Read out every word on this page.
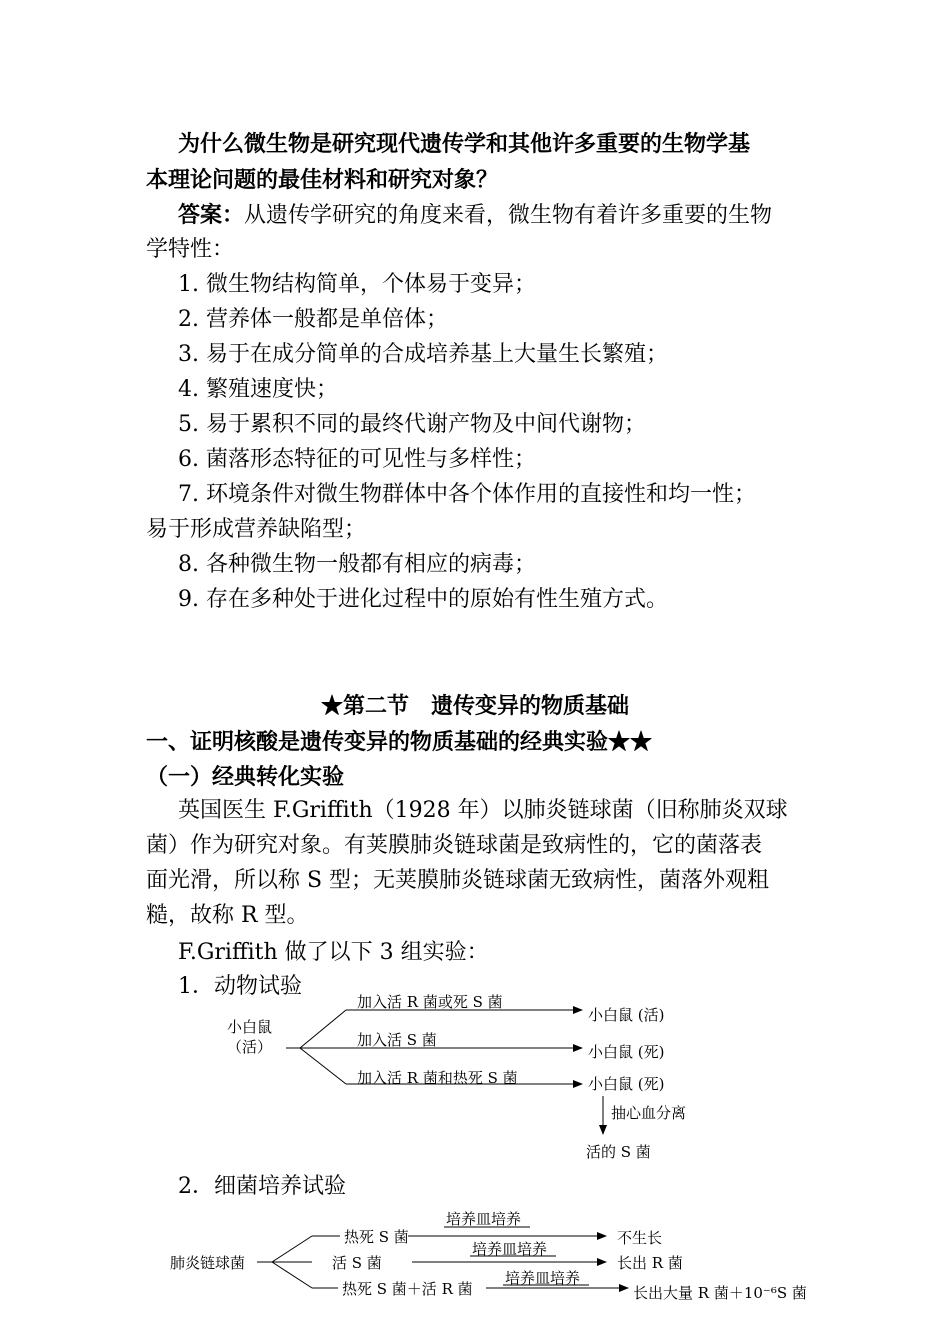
为什么微生物是研究现代遗传学和其他许多重要的生物学基
本理论问题的最佳材料和研究对象？
答案：从遗传学研究的角度来看，微生物有着许多重要的生物
学特性：
1. 微生物结构简单，个体易于变异；
2. 营养体一般都是单倍体；
3. 易于在成分简单的合成培养基上大量生长繁殖；
4. 繁殖速度快；
5. 易于累积不同的最终代谢产物及中间代谢物；
6. 菌落形态特征的可见性与多样性；
7. 环境条件对微生物群体中各个体作用的直接性和均一性；
易于形成营养缺陷型；
8. 各种微生物一般都有相应的病毒；
9. 存在多种处于进化过程中的原始有性生殖方式。
★第二节　遗传变异的物质基础
一、证明核酸是遗传变异的物质基础的经典实验★★
（一）经典转化实验
英国医生 F.Griffith（1928 年）以肺炎链球菌（旧称肺炎双球
菌）作为研究对象。有荚膜肺炎链球菌是致病性的，它的菌落表
面光滑，所以称 S 型；无荚膜肺炎链球菌无致病性，菌落外观粗
糙，故称 R 型。
F.Griffith 做了以下 3 组实验：
1．动物试验
小白鼠
（活）
加入活 R 菌或死 S 菌
加入活 S 菌
加入活 R 菌和热死 S 菌
小白鼠 (活)
小白鼠 (死)
小白鼠 (死)
抽心血分离
活的 S 菌
2．细菌培养试验
肺炎链球菌
热死 S 菌
活 S 菌
热死 S 菌＋活 R 菌
培养皿培养
培养皿培养
培养皿培养
不生长
长出 R 菌
长出大量 R 菌＋10⁻⁶S 菌
